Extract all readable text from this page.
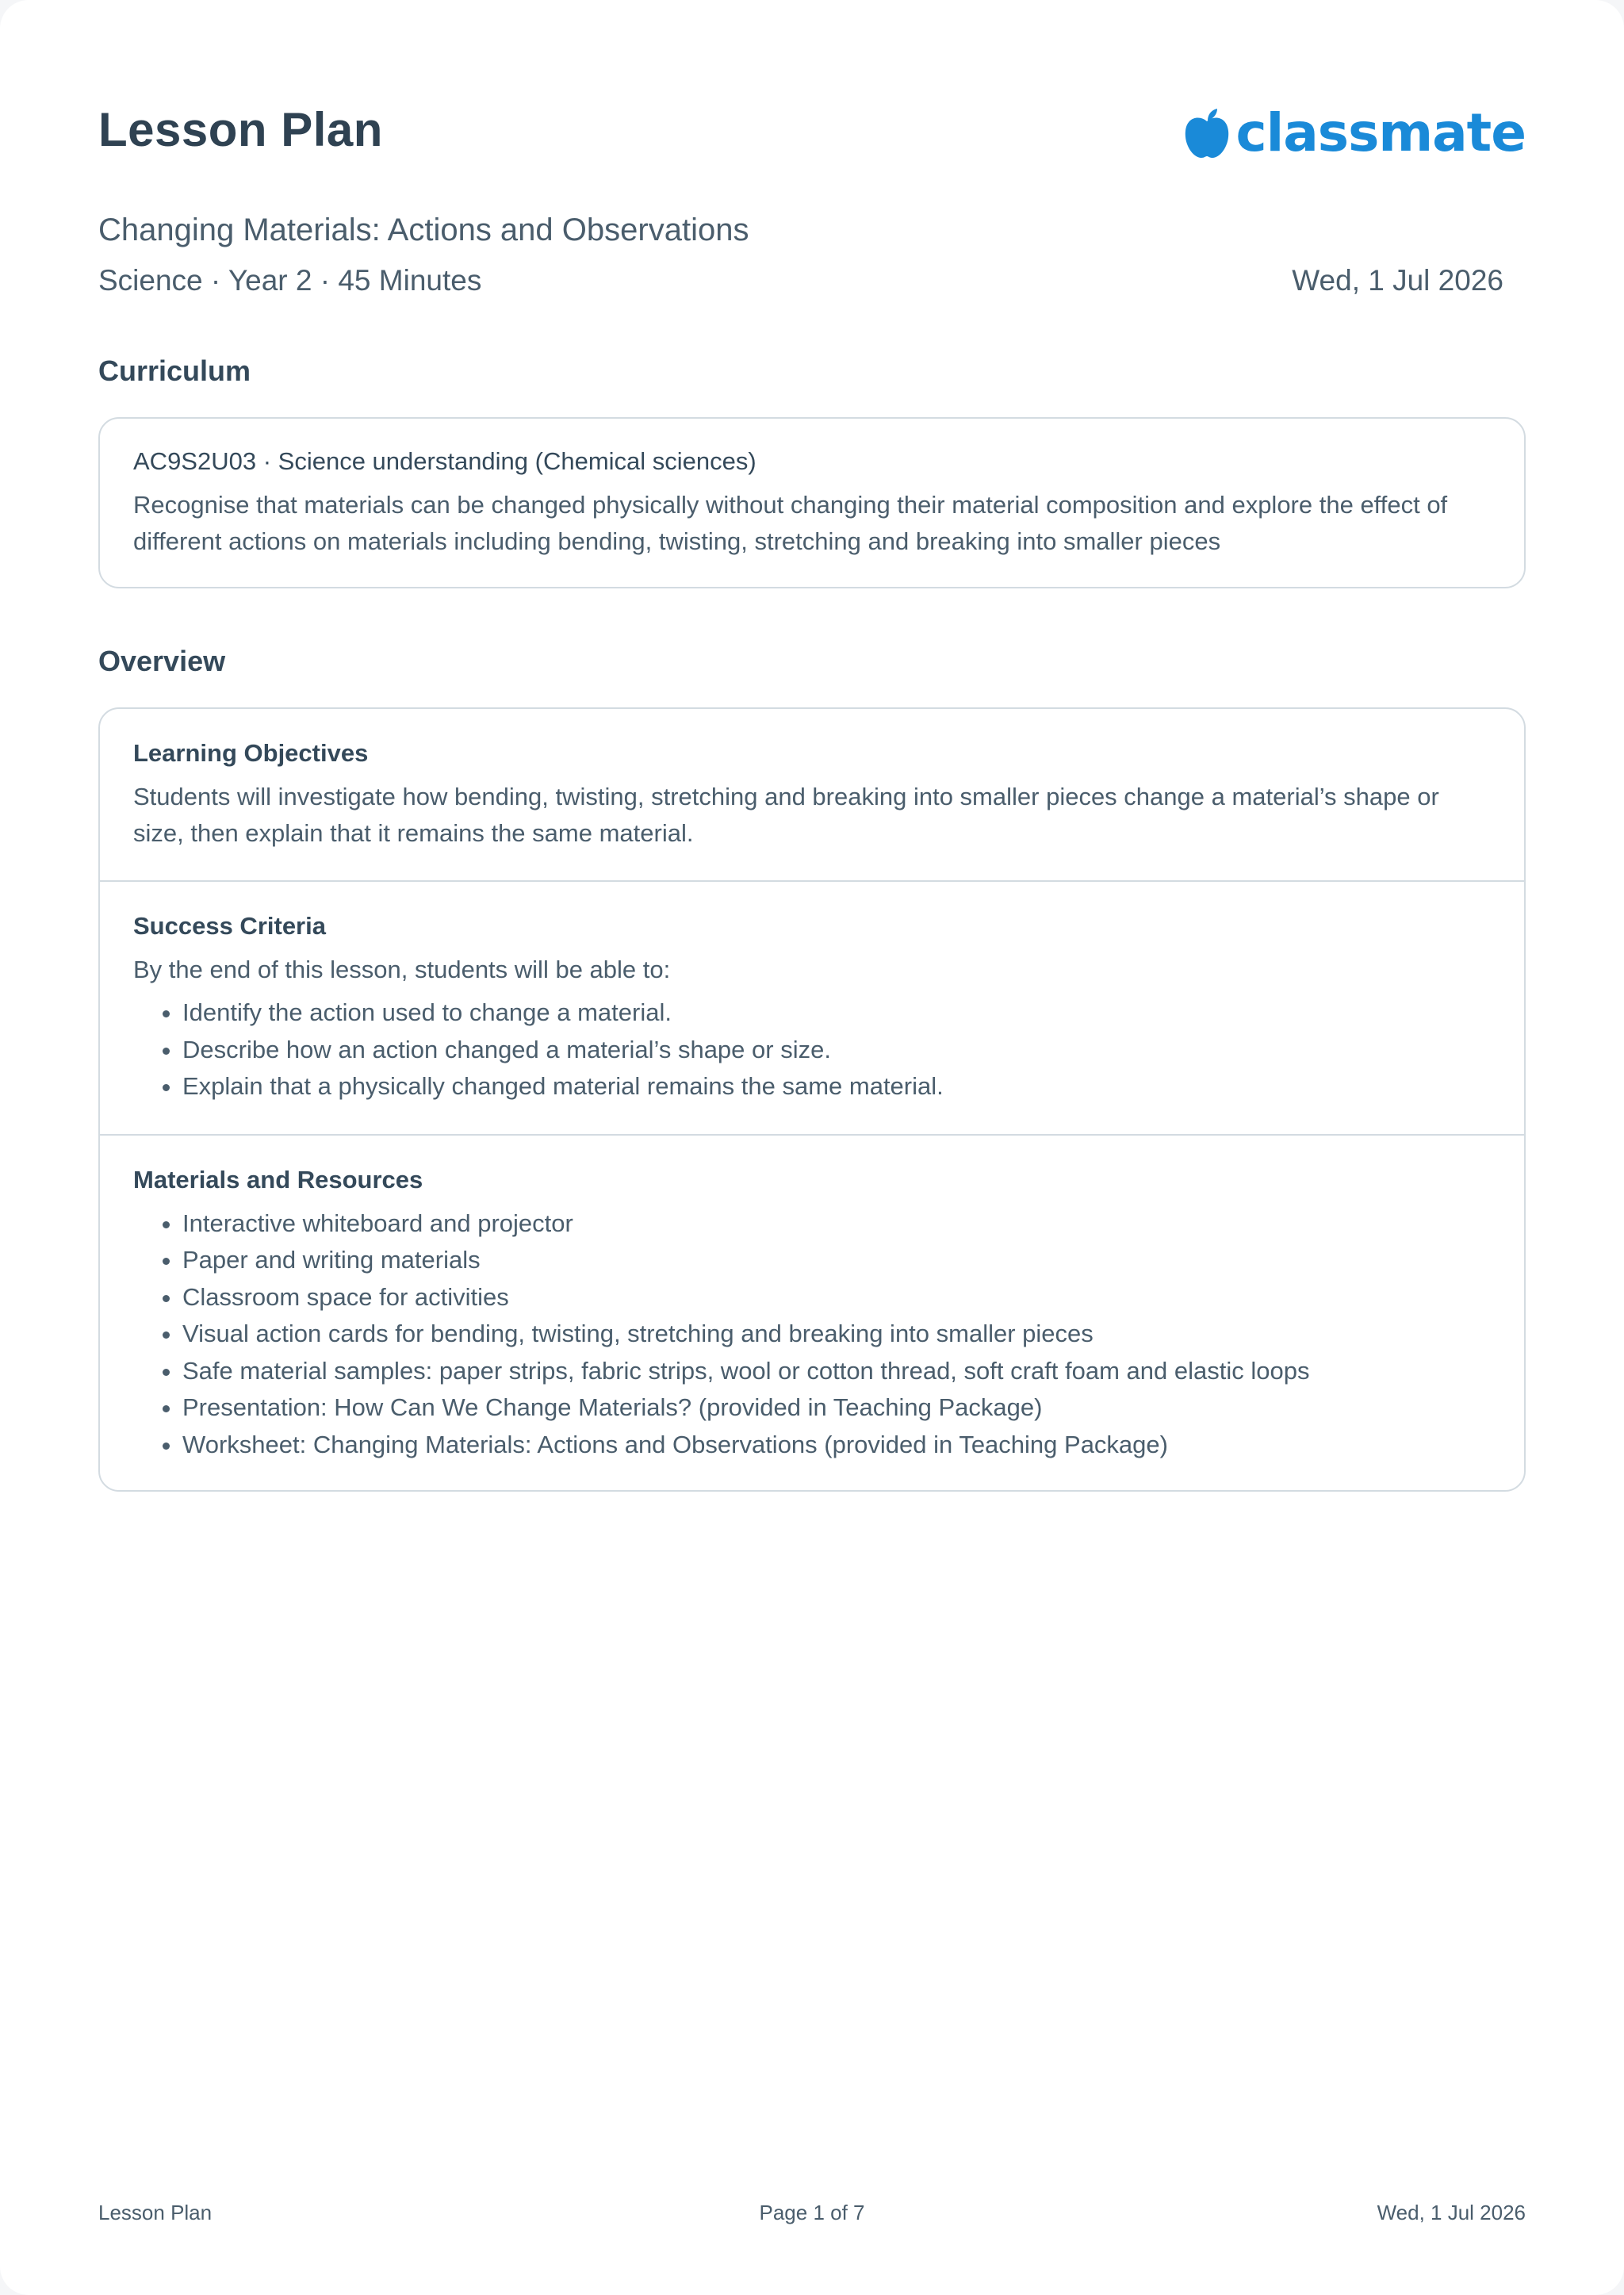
Lesson Plan	classmate
Changing Materials: Actions and Observations
Science · Year 2 · 45 Minutes	Wed, 1 Jul 2026
Curriculum
AC9S2U03 · Science understanding (Chemical sciences)
Recognise that materials can be changed physically without changing their material composition and explore the effect of different actions on materials including bending, twisting, stretching and breaking into smaller pieces
Overview
Learning Objectives
Students will investigate how bending, twisting, stretching and breaking into smaller pieces change a material’s shape or size, then explain that it remains the same material.
Success Criteria
By the end of this lesson, students will be able to:
• Identify the action used to change a material.
• Describe how an action changed a material’s shape or size.
• Explain that a physically changed material remains the same material.
Materials and Resources
• Interactive whiteboard and projector
• Paper and writing materials
• Classroom space for activities
• Visual action cards for bending, twisting, stretching and breaking into smaller pieces
• Safe material samples: paper strips, fabric strips, wool or cotton thread, soft craft foam and elastic loops
• Presentation: How Can We Change Materials? (provided in Teaching Package)
• Worksheet: Changing Materials: Actions and Observations (provided in Teaching Package)
Lesson Plan	Page 1 of 7	Wed, 1 Jul 2026
